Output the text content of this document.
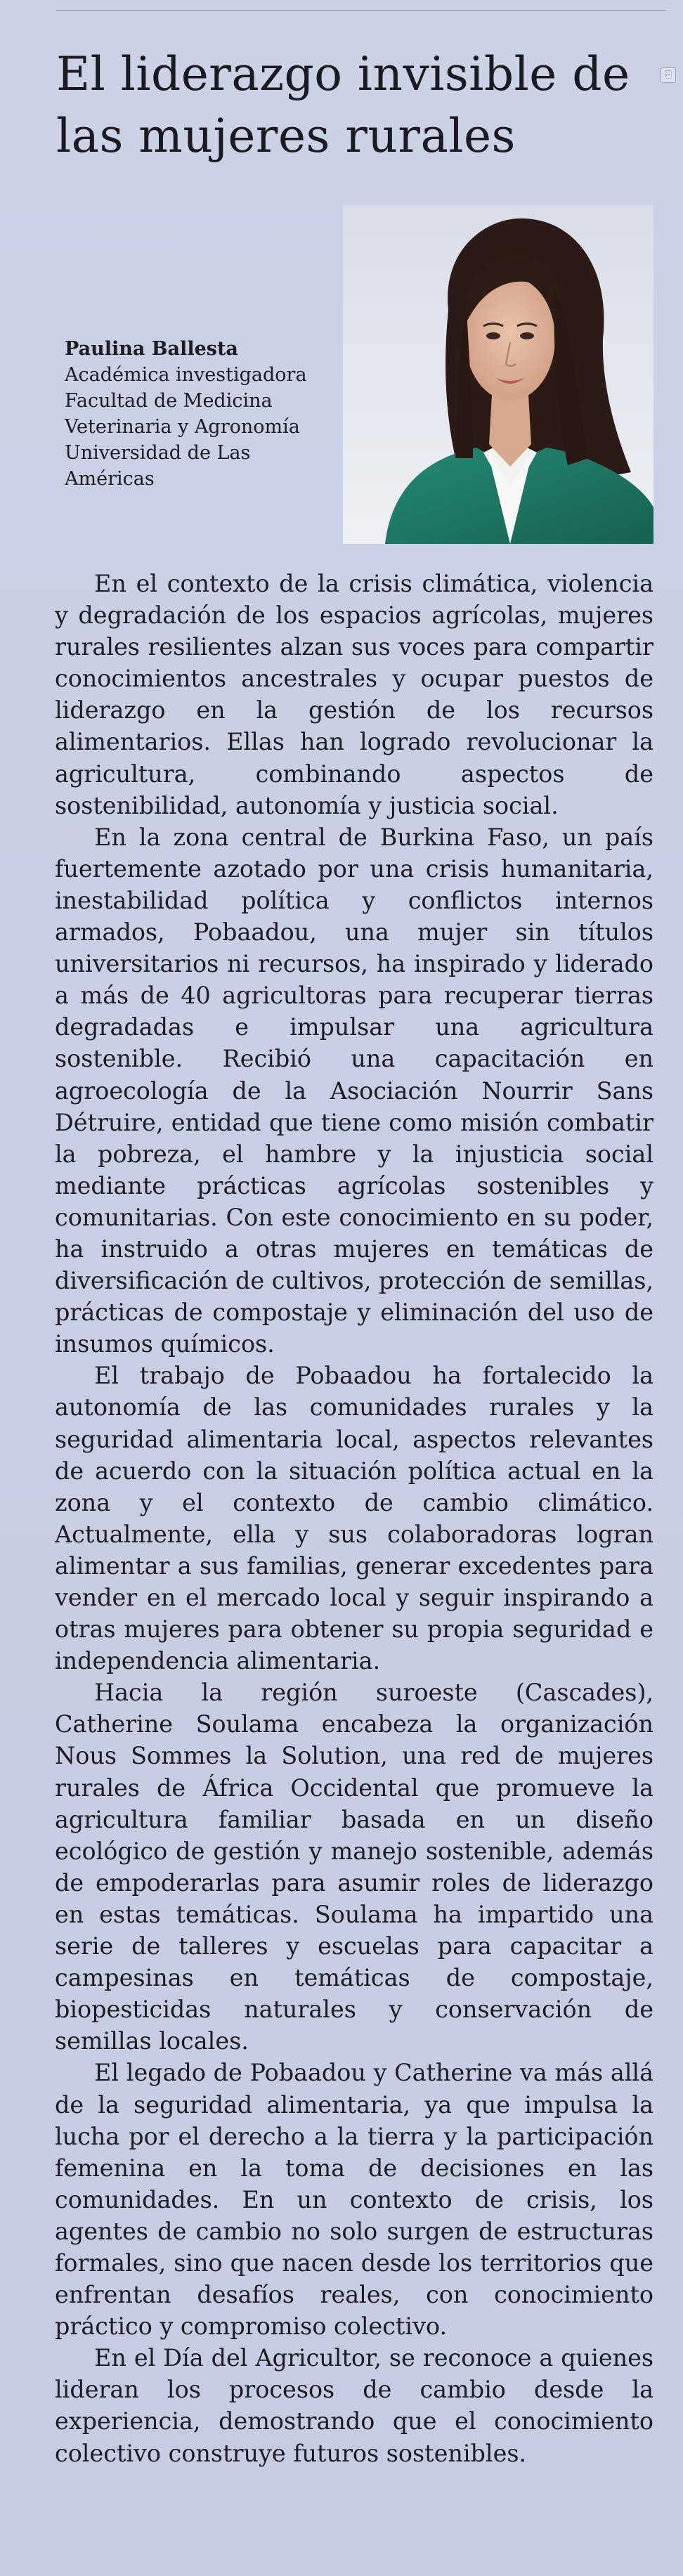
⎘
El liderazgo invisible de las mujeres rurales
Paulina Ballesta
Académica investigadora
Facultad de Medicina
Veterinaria y Agronomía
Universidad de Las
Américas

En el contexto de la crisis climática, violencia y degradación de los espacios agrícolas, mujeres rurales resilientes alzan sus voces para compartir conocimientos ancestrales y ocupar puestos de liderazgo en la gestión de los recursos alimentarios. Ellas han logrado revolucionar la agricultura, combinando aspectos de sostenibilidad, autonomía y justicia social.

En la zona central de Burkina Faso, un país fuertemente azotado por una crisis humanitaria, inestabilidad política y conflictos internos armados, Pobaadou, una mujer sin títulos universitarios ni recursos, ha inspirado y liderado a más de 40 agricultoras para recuperar tierras degradadas e impulsar una agricultura sostenible. Recibió una capacitación en agroecología de la Asociación Nourrir Sans Détruire, entidad que tiene como misión combatir la pobreza, el hambre y la injusticia social mediante prácticas agrícolas sostenibles y comunitarias. Con este conocimiento en su poder, ha instruido a otras mujeres en temáticas de diversificación de cultivos, protección de semillas, prácticas de compostaje y eliminación del uso de insumos químicos.

El trabajo de Pobaadou ha fortalecido la autonomía de las comunidades rurales y la seguridad alimentaria local, aspectos relevantes de acuerdo con la situación política actual en la zona y el contexto de cambio climático. Actualmente, ella y sus colaboradoras logran alimentar a sus familias, generar excedentes para vender en el mercado local y seguir inspirando a otras mujeres para obtener su propia seguridad e independencia alimentaria.

Hacia la región suroeste (Cascades), Catherine Soulama encabeza la organización Nous Sommes la Solution, una red de mujeres rurales de África Occidental que promueve la agricultura familiar basada en un diseño ecológico de gestión y manejo sostenible, además de empoderarlas para asumir roles de liderazgo en estas temáticas. Soulama ha impartido una serie de talleres y escuelas para capacitar a campesinas en temáticas de compostaje, biopesticidas naturales y conservación de semillas locales.

El legado de Pobaadou y Catherine va más allá de la seguridad alimentaria, ya que impulsa la lucha por el derecho a la tierra y la participación femenina en la toma de decisiones en las comunidades. En un contexto de crisis, los agentes de cambio no solo surgen de estructuras formales, sino que nacen desde los territorios que enfrentan desafíos reales, con conocimiento práctico y compromiso colectivo.

En el Día del Agricultor, se reconoce a quienes lideran los procesos de cambio desde la experiencia, demostrando que el conocimiento colectivo construye futuros sostenibles.
